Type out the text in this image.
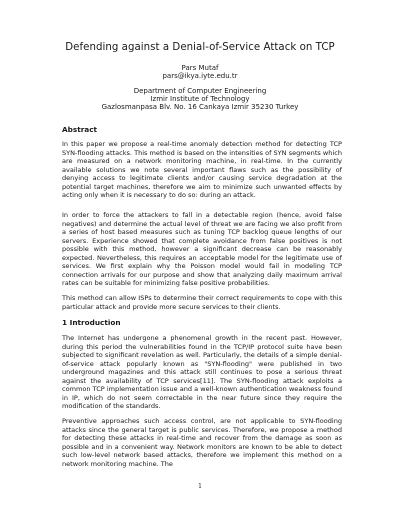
Defending against a Denial-of-Service Attack on TCP
Pars Mutaf
pars@ikya.iyte.edu.tr
Department of Computer Engineering
Izmir Institute of Technology
Gazlosmanpasa Blv. No. 16 Cankaya Izmir 35230 Turkey
Abstract

In this paper we propose a real-time anomaly detection method for detecting TCP SYN-flooding attacks. This method is based on the intensities of SYN segments which are measured on a network monitoring machine, in real-time. In the currently available solutions we note several important flaws such as the possibility of denying access to legitimate clients and/or causing service degradation at the potential target machines, therefore we aim to minimize such unwanted effects by acting only when it is necessary to do so: during an attack.

In order to force the attackers to fall in a detectable region (hence, avoid false negatives) and determine the actual level of threat we are facing we also profit from a series of host based measures such as tuning TCP backlog queue lengths of our servers. Experience showed that complete avoidance from false positives is not possible with this method, however a significant decrease can be reasonably expected. Nevertheless, this requires an acceptable model for the legitimate use of services. We first explain why the Poisson model would fail in modeling TCP connection arrivals for our purpose and show that analyzing daily maximum arrival rates can be suitable for minimizing false positive probabilities.

This method can allow ISPs to determine their correct requirements to cope with this particular attack and provide more secure services to their clients.

1 Introduction

The Internet has undergone a phenomenal growth in the recent past. However, during this period the vulnerabilities found in the TCP/IP protocol suite have been subjected to significant revelation as well. Particularly, the details of a simple denial-of-service attack popularly known as "SYN-flooding" were published in two underground magazines and this attack still continues to pose a serious threat against the availability of TCP services[11]. The SYN-flooding attack exploits a common TCP implementation issue and a well-known authentication weakness found in IP, which do not seem correctable in the near future since they require the modification of the standards.

Preventive approaches such access control, are not applicable to SYN-flooding attacks since the general target is public services. Therefore, we propose a method for detecting these attacks in real-time and recover from the damage as soon as possible and in a convenient way. Network monitors are known to be able to detect such low-level network based attacks, therefore we implement this method on a network monitoring machine. The

1
